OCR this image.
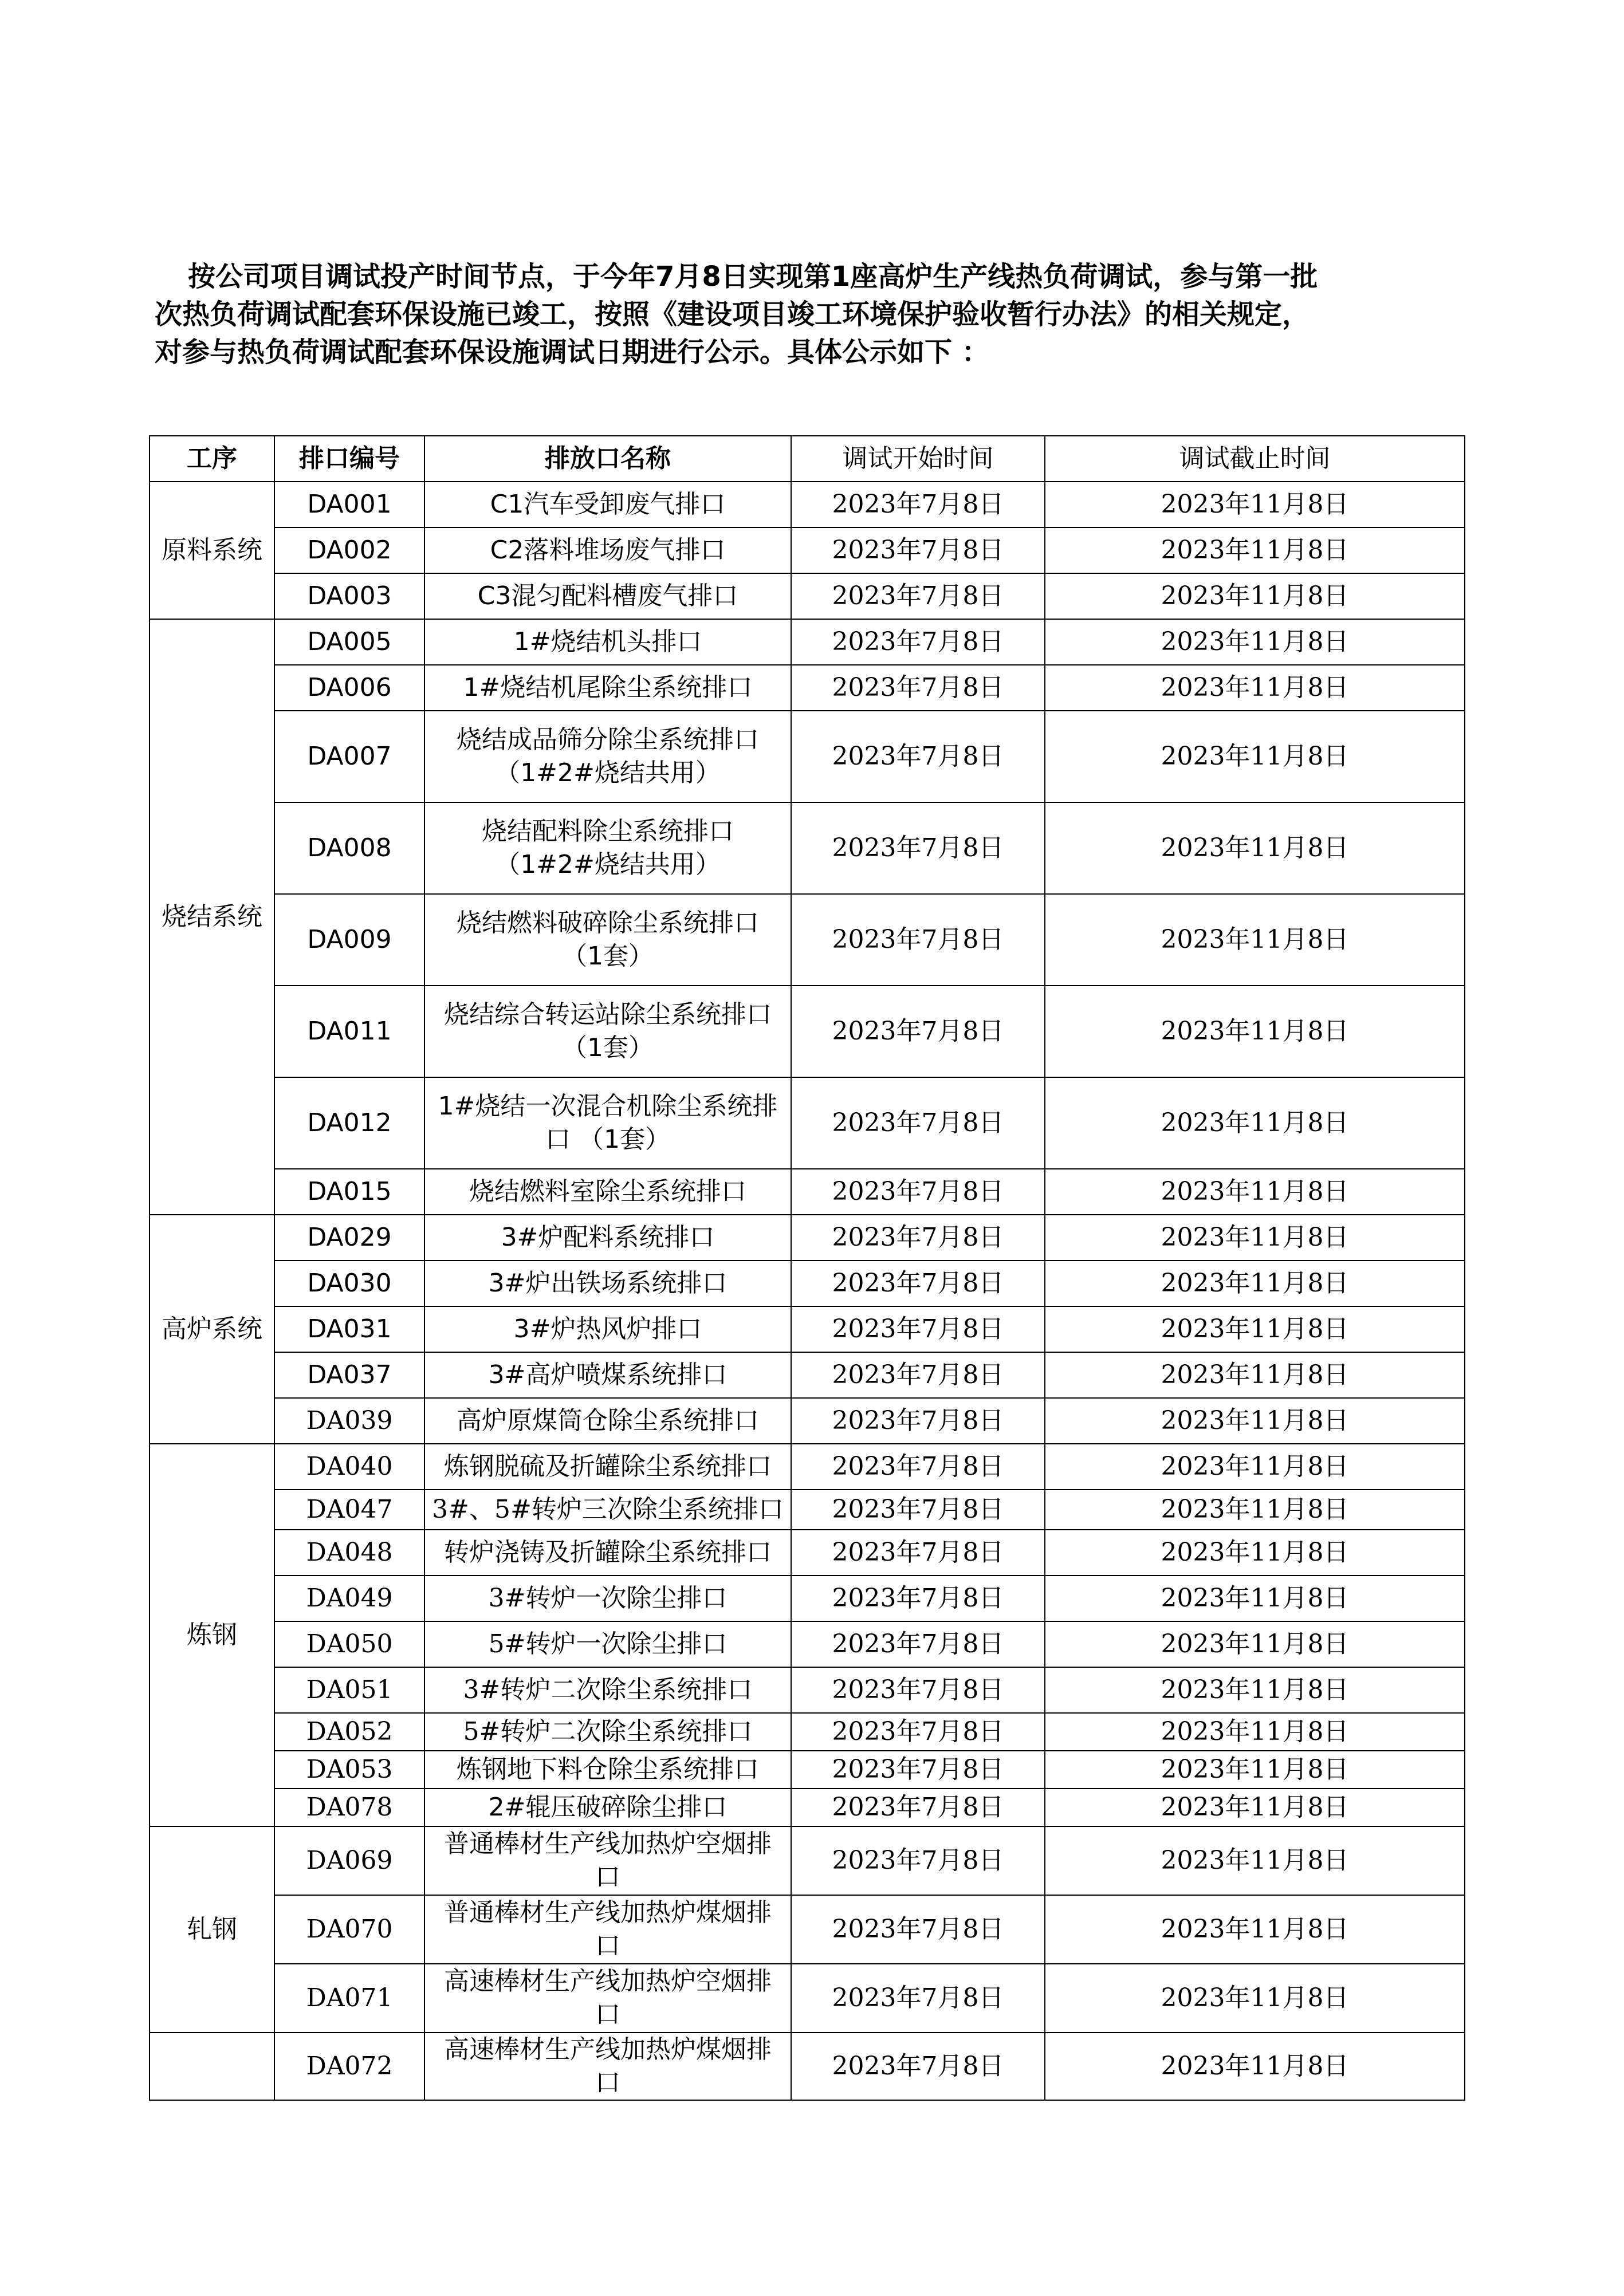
按公司项目调试投产时间节点，于今年7月8日实现第1座高炉生产线热负荷调试，参与第一批

次热负荷调试配套环保设施已竣工，按照《建设项目竣工环境保护验收暂行办法》的相关规定，

对参与热负荷调试配套环保设施调试日期进行公示。具体公示如下 ：

工序	排口编号	排放口名称	调试开始时间	调试截止时间
原料系统	DA001	C1汽车受卸废气排口	2023年7月8日	2023年11月8日
	DA002	C2落料堆场废气排口	2023年7月8日	2023年11月8日
	DA003	C3混匀配料槽废气排口	2023年7月8日	2023年11月8日
烧结系统	DA005	1#烧结机头排口	2023年7月8日	2023年11月8日
	DA006	1#烧结机尾除尘系统排口	2023年7月8日	2023年11月8日
	DA007	烧结成品筛分除尘系统排口
（1#2#烧结共用）	2023年7月8日	2023年11月8日
	DA008	烧结配料除尘系统排口
（1#2#烧结共用）	2023年7月8日	2023年11月8日
	DA009	烧结燃料破碎除尘系统排口
（1套）	2023年7月8日	2023年11月8日
	DA011	烧结综合转运站除尘系统排口
（1套）	2023年7月8日	2023年11月8日
	DA012	1#烧结一次混合机除尘系统排
口 （1套）	2023年7月8日	2023年11月8日
	DA015	烧结燃料室除尘系统排口	2023年7月8日	2023年11月8日
高炉系统	DA029	3#炉配料系统排口	2023年7月8日	2023年11月8日
	DA030	3#炉出铁场系统排口	2023年7月8日	2023年11月8日
	DA031	3#炉热风炉排口	2023年7月8日	2023年11月8日
	DA037	3#高炉喷煤系统排口	2023年7月8日	2023年11月8日
	DA039	高炉原煤筒仓除尘系统排口	2023年7月8日	2023年11月8日
炼钢	DA040	炼钢脱硫及折罐除尘系统排口	2023年7月8日	2023年11月8日
	DA047	3#、5#转炉三次除尘系统排口	2023年7月8日	2023年11月8日
	DA048	转炉浇铸及折罐除尘系统排口	2023年7月8日	2023年11月8日
	DA049	3#转炉一次除尘排口	2023年7月8日	2023年11月8日
	DA050	5#转炉一次除尘排口	2023年7月8日	2023年11月8日
	DA051	3#转炉二次除尘系统排口	2023年7月8日	2023年11月8日
	DA052	5#转炉二次除尘系统排口	2023年7月8日	2023年11月8日
	DA053	炼钢地下料仓除尘系统排口	2023年7月8日	2023年11月8日
	DA078	2#辊压破碎除尘排口	2023年7月8日	2023年11月8日
轧钢	DA069	普通棒材生产线加热炉空烟排
口	2023年7月8日	2023年11月8日
	DA070	普通棒材生产线加热炉煤烟排
口	2023年7月8日	2023年11月8日
	DA071	高速棒材生产线加热炉空烟排
口	2023年7月8日	2023年11月8日
	DA072	高速棒材生产线加热炉煤烟排
口	2023年7月8日	2023年11月8日
